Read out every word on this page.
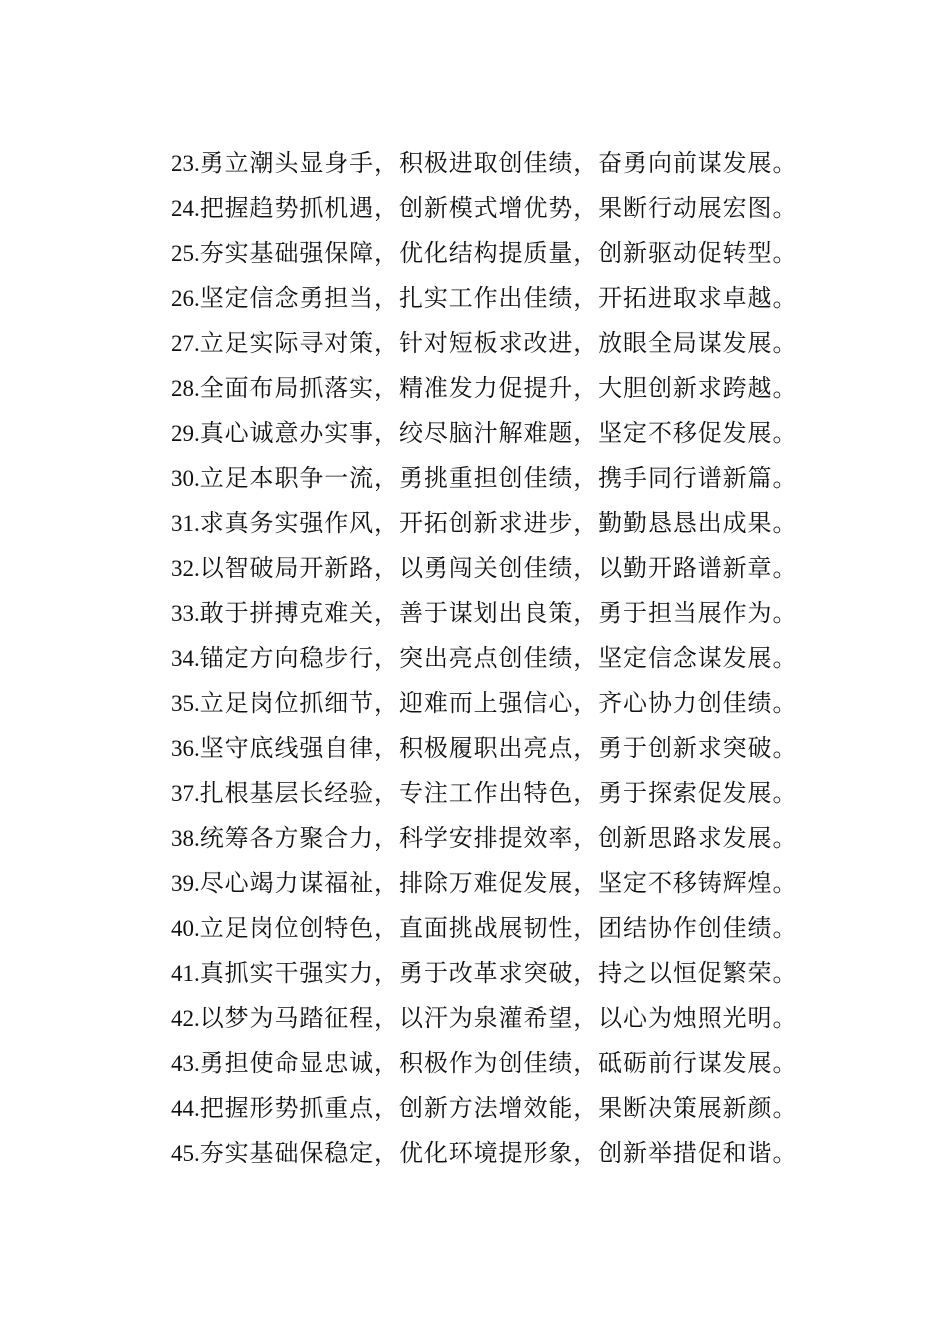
23.勇立潮头显身手，积极进取创佳绩，奋勇向前谋发展。
24.把握趋势抓机遇，创新模式增优势，果断行动展宏图。
25.夯实基础强保障，优化结构提质量，创新驱动促转型。
26.坚定信念勇担当，扎实工作出佳绩，开拓进取求卓越。
27.立足实际寻对策，针对短板求改进，放眼全局谋发展。
28.全面布局抓落实，精准发力促提升，大胆创新求跨越。
29.真心诚意办实事，绞尽脑汁解难题，坚定不移促发展。
30.立足本职争一流，勇挑重担创佳绩，携手同行谱新篇。
31.求真务实强作风，开拓创新求进步，勤勤恳恳出成果。
32.以智破局开新路，以勇闯关创佳绩，以勤开路谱新章。
33.敢于拼搏克难关，善于谋划出良策，勇于担当展作为。
34.锚定方向稳步行，突出亮点创佳绩，坚定信念谋发展。
35.立足岗位抓细节，迎难而上强信心，齐心协力创佳绩。
36.坚守底线强自律，积极履职出亮点，勇于创新求突破。
37.扎根基层长经验，专注工作出特色，勇于探索促发展。
38.统筹各方聚合力，科学安排提效率，创新思路求发展。
39.尽心竭力谋福祉，排除万难促发展，坚定不移铸辉煌。
40.立足岗位创特色，直面挑战展韧性，团结协作创佳绩。
41.真抓实干强实力，勇于改革求突破，持之以恒促繁荣。
42.以梦为马踏征程，以汗为泉灌希望，以心为烛照光明。
43.勇担使命显忠诚，积极作为创佳绩，砥砺前行谋发展。
44.把握形势抓重点，创新方法增效能，果断决策展新颜。
45.夯实基础保稳定，优化环境提形象，创新举措促和谐。
